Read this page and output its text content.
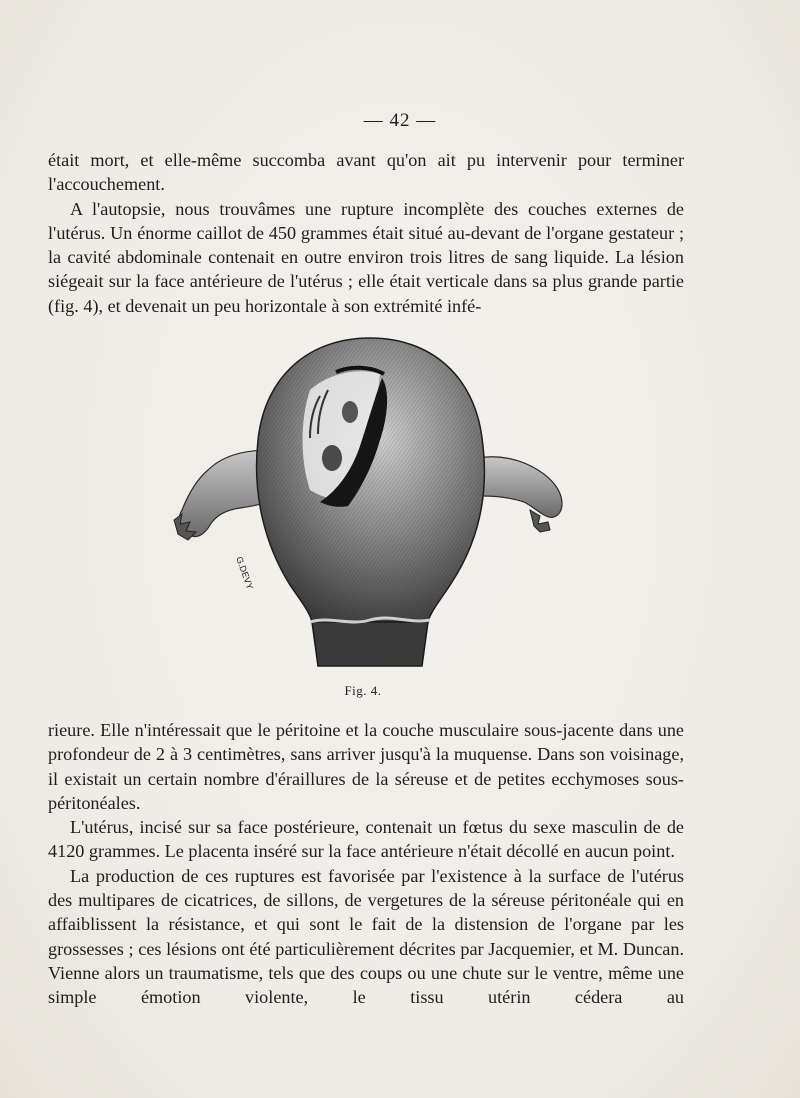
— 42 —

était mort, et elle-même succomba avant qu'on ait pu intervenir pour terminer l'accouchement.

A l'autopsie, nous trouvâmes une rupture incomplète des couches externes de l'utérus. Un énorme caillot de 450 grammes était situé au-devant de l'organe gestateur ; la cavité abdominale contenait en outre environ trois litres de sang liquide. La lésion siégeait sur la face antérieure de l'utérus ; elle était verticale dans sa plus grande partie (fig. 4), et devenait un peu horizontale à son extrémité infé-

G.DEVY
Fig. 4.

rieure. Elle n'intéressait que le péritoine et la couche musculaire sous-jacente dans une profondeur de 2 à 3 centimètres, sans arriver jusqu'à la muquense. Dans son voisinage, il existait un certain nombre d'éraillures de la séreuse et de petites ecchymoses sous-péritonéales.

L'utérus, incisé sur sa face postérieure, contenait un fœtus du sexe masculin de de 4120 grammes. Le placenta inséré sur la face antérieure n'était décollé en aucun point.

La production de ces ruptures est favorisée par l'existence à la surface de l'utérus des multipares de cicatrices, de sillons, de vergetures de la séreuse péritonéale qui en affaiblissent la résistance, et qui sont le fait de la distension de l'organe par les grossesses ; ces lésions ont été particulièrement décrites par Jacquemier, et M. Duncan. Vienne alors un traumatisme, tels que des coups ou une chute sur le ventre, même une simple émotion violente, le tissu utérin cédera au
